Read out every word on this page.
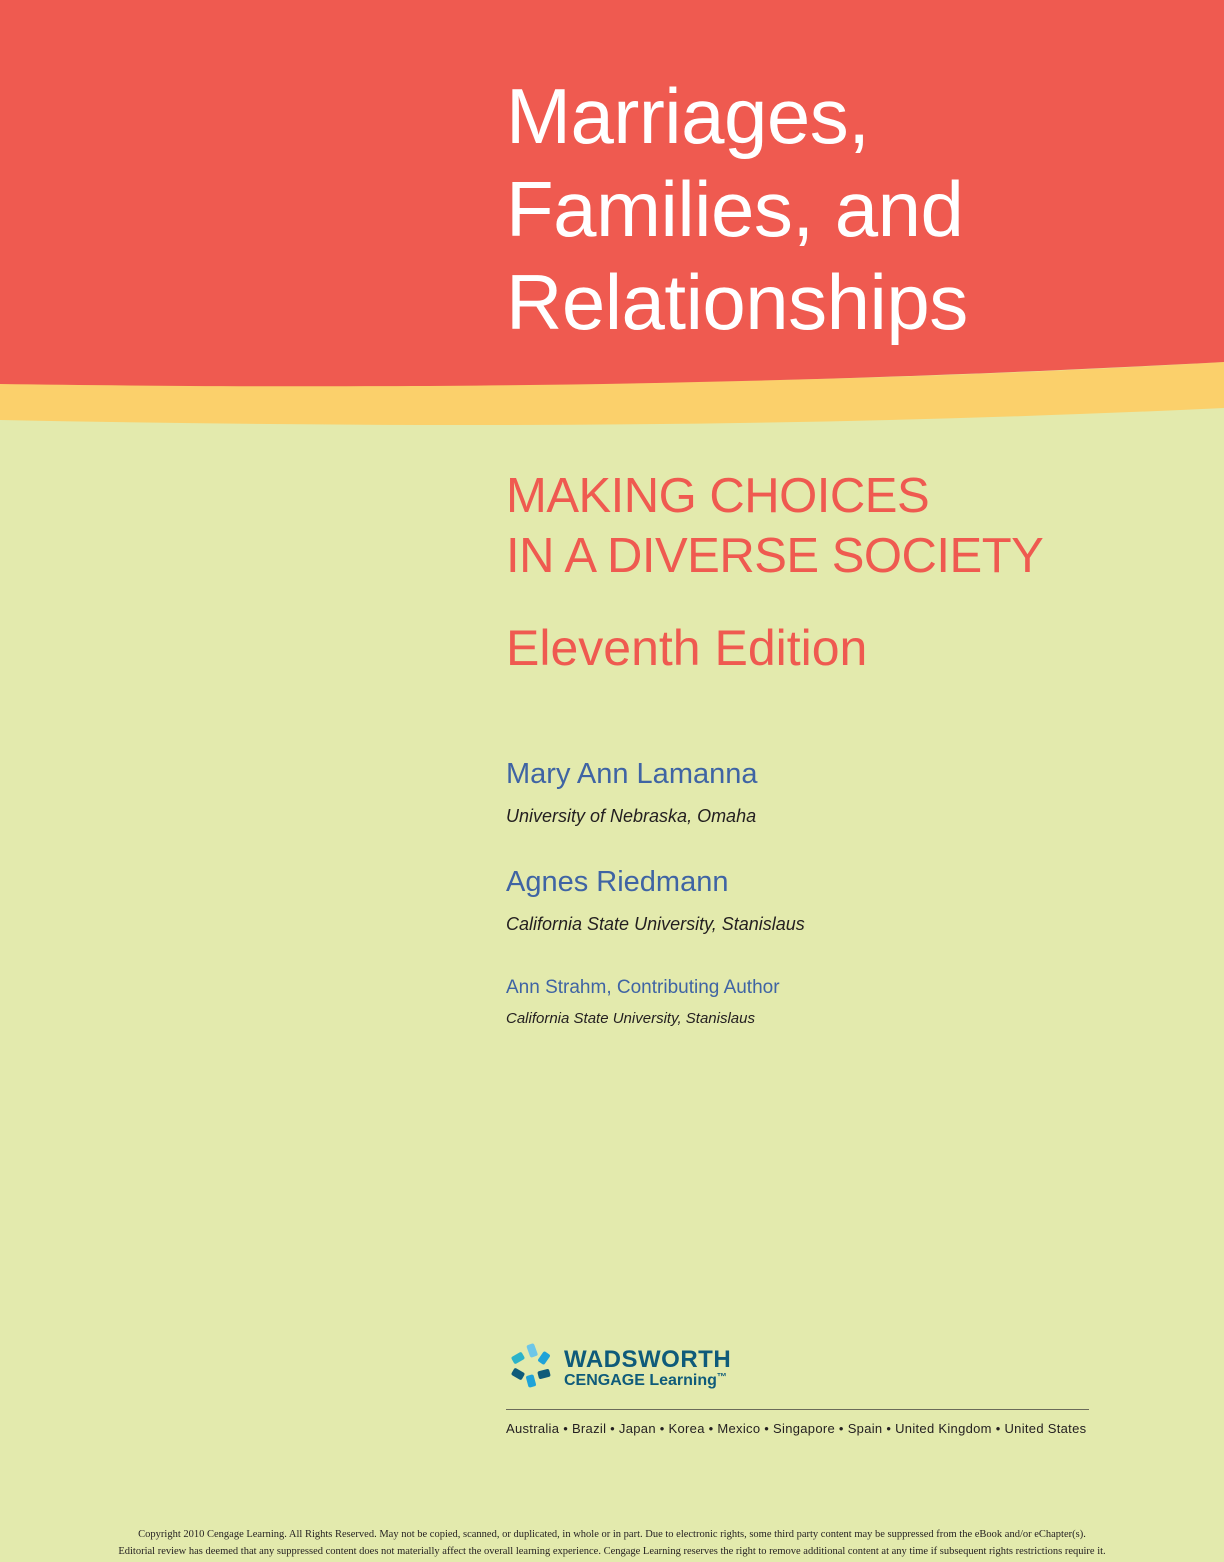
Marriages,
Families, and
Relationships
MAKING CHOICES
IN A DIVERSE SOCIETY
Eleventh Edition
Mary Ann Lamanna
University of Nebraska, Omaha
Agnes Riedmann
California State University, Stanislaus
Ann Strahm, Contributing Author
California State University, Stanislaus
WADSWORTH
CENGAGE Learning™
Australia • Brazil • Japan • Korea • Mexico • Singapore • Spain • United Kingdom • United States
Copyright 2010 Cengage Learning. All Rights Reserved. May not be copied, scanned, or duplicated, in whole or in part. Due to electronic rights, some third party content may be suppressed from the eBook and/or eChapter(s).
Editorial review has deemed that any suppressed content does not materially affect the overall learning experience. Cengage Learning reserves the right to remove additional content at any time if subsequent rights restrictions require it.
